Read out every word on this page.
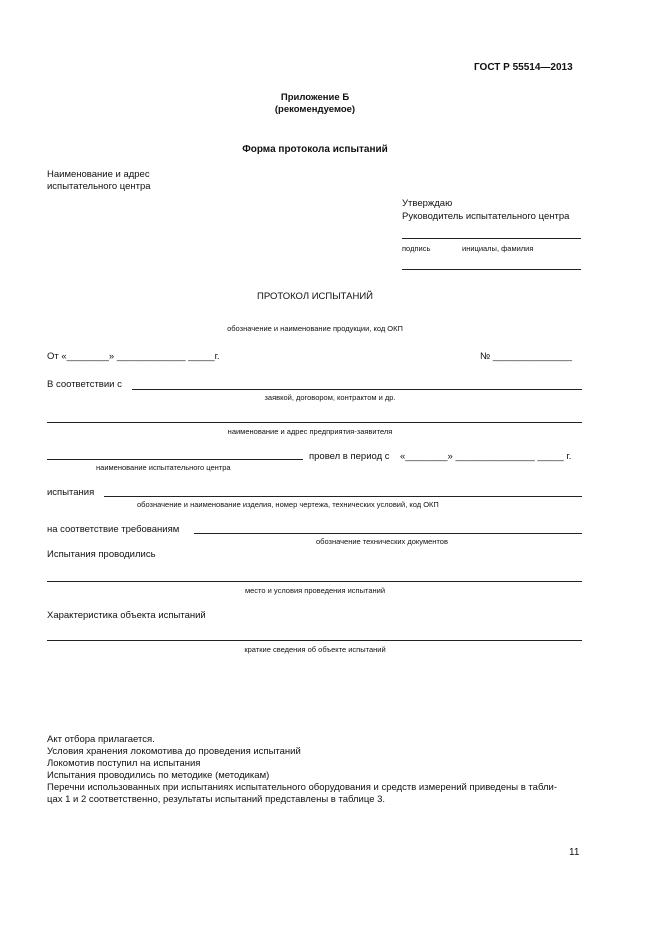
ГОСТ Р 55514—2013
Приложение Б
(рекомендуемое)
Форма протокола испытаний
Наименование и адрес
испытательного центра
Утверждаю
Руководитель испытательного центра
подпись	инициалы, фамилия
ПРОТОКОЛ ИСПЫТАНИЙ
обозначение и наименование продукции, код ОКП
От «________» _____________ _____г.	№ _______________
В соответствии с
заявкой, договором, контрактом и др.
наименование и адрес предприятия-заявителя
провел в период с «________» _______________ _____ г.
наименование испытательного центра
испытания
обозначение и наименование изделия, номер чертежа, технических условий, код ОКП
на соответствие требованиям
обозначение технических документов
Испытания проводились
место и условия проведения испытаний
Характеристика объекта испытаний
краткие сведения об объекте испытаний
Акт отбора прилагается.
Условия хранения локомотива до проведения испытаний
Локомотив поступил на испытания
Испытания проводились по методике (методикам)
Перечни использованных при испытаниях испытательного оборудования и средств измерений приведены в табли-
цах 1 и 2 соответственно, результаты испытаний представлены в таблице 3.
11
